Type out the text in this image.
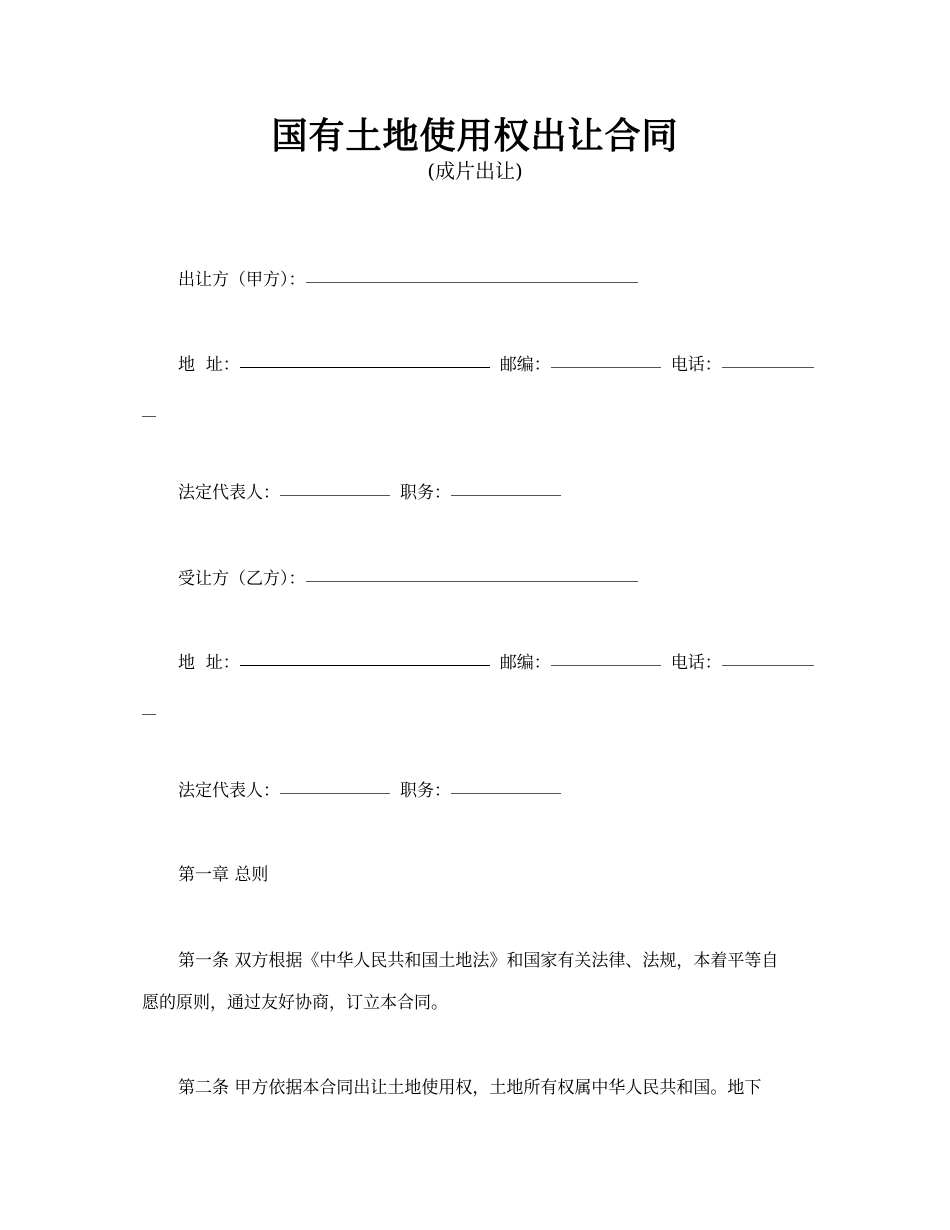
国有土地使用权出让合同
(成片出让)
出让方（甲方）：
地  址：	邮编：	电话：
法定代表人：	职务：
受让方（乙方）：
地  址：	邮编：	电话：
法定代表人：	职务：
第一章 总则
第一条 双方根据《中华人民共和国土地法》和国家有关法律、法规，本着平等自
愿的原则，通过友好协商，订立本合同。
第二条 甲方依据本合同出让土地使用权，土地所有权属中华人民共和国。地下
